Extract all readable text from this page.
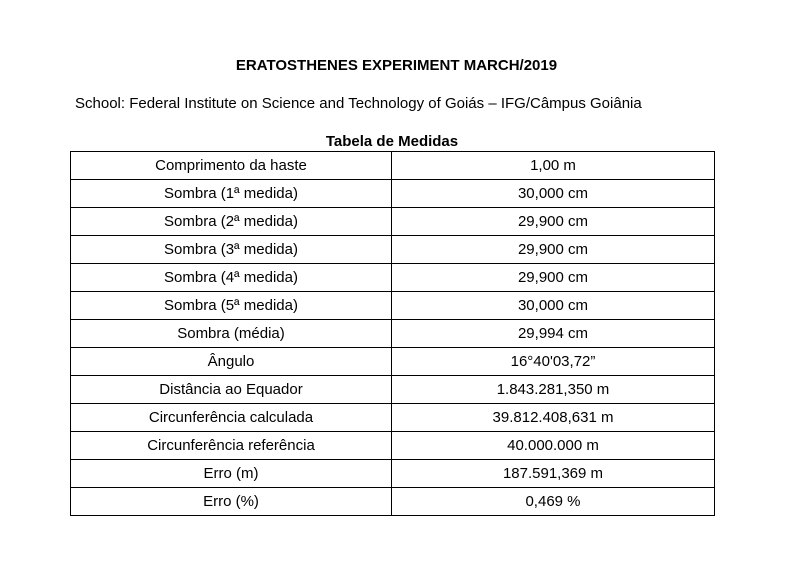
ERATOSTHENES EXPERIMENT MARCH/2019
School: Federal Institute on Science and Technology of Goiás – IFG/Câmpus Goiânia
Tabela de Medidas
Comprimento da haste	1,00 m
Sombra (1ª medida)	30,000 cm
Sombra (2ª medida)	29,900 cm
Sombra (3ª medida)	29,900 cm
Sombra (4ª medida)	29,900 cm
Sombra (5ª medida)	30,000 cm
Sombra (média)	29,994 cm
Ângulo	16°40'03,72”
Distância ao Equador	1.843.281,350 m
Circunferência calculada	39.812.408,631 m
Circunferência referência	40.000.000 m
Erro (m)	187.591,369 m
Erro (%)	0,469 %
